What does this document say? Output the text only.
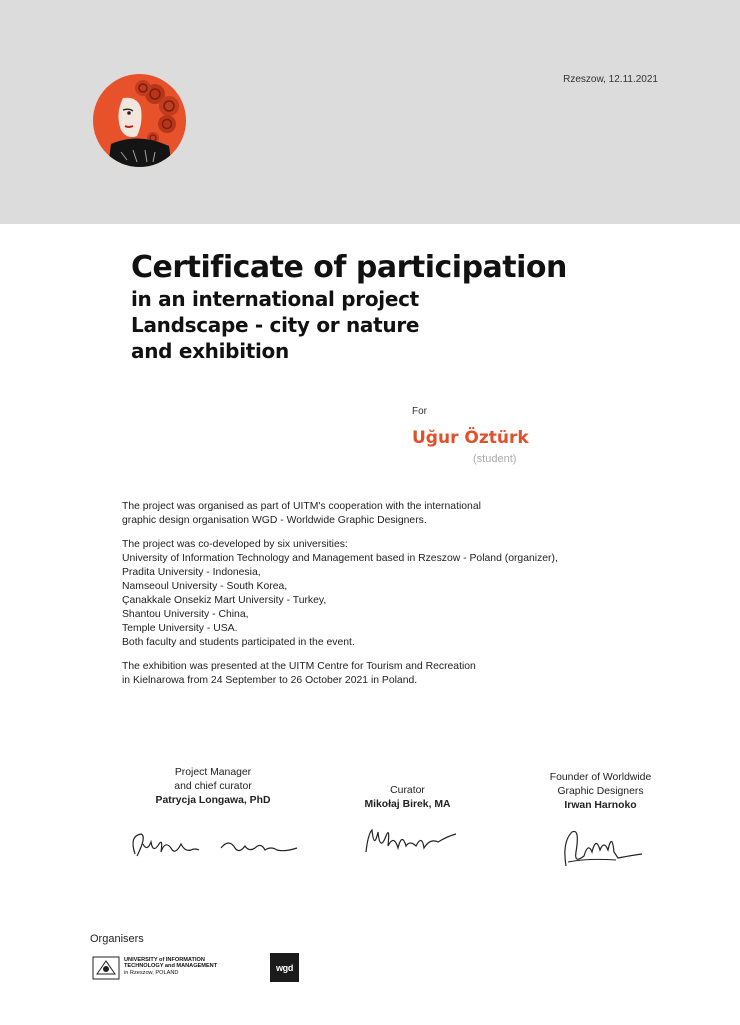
Rzeszow, 12.11.2021
Certificate of participation
in an international project
Landscape - city or nature
and exhibition
For
Uğur Öztürk
(student)

The project was organised as part of UITM's cooperation with the international
graphic design organisation WGD - Worldwide Graphic Designers.

The project was co-developed by six universities:
University of Information Technology and Management based in Rzeszow - Poland (organizer),
Pradita University - Indonesia,
Namseoul University - South Korea,
Çanakkale Onsekiz Mart University - Turkey,
Shantou University - China,
Temple University - USA.
Both faculty and students participated in the event.

The exhibition was presented at the UITM Centre for Tourism and Recreation
in Kielnarowa from 24 September to 26 October 2021 in Poland.

Project Manager
and chief curator
Patrycja Longawa, PhD
Curator
Mikołaj Birek, MA
Founder of Worldwide
Graphic Designers
Irwan Harnoko
Organisers
UNIVERSITY of INFORMATION
TECHNOLOGY and MANAGEMENT
in Rzeszow, POLAND
wgd
